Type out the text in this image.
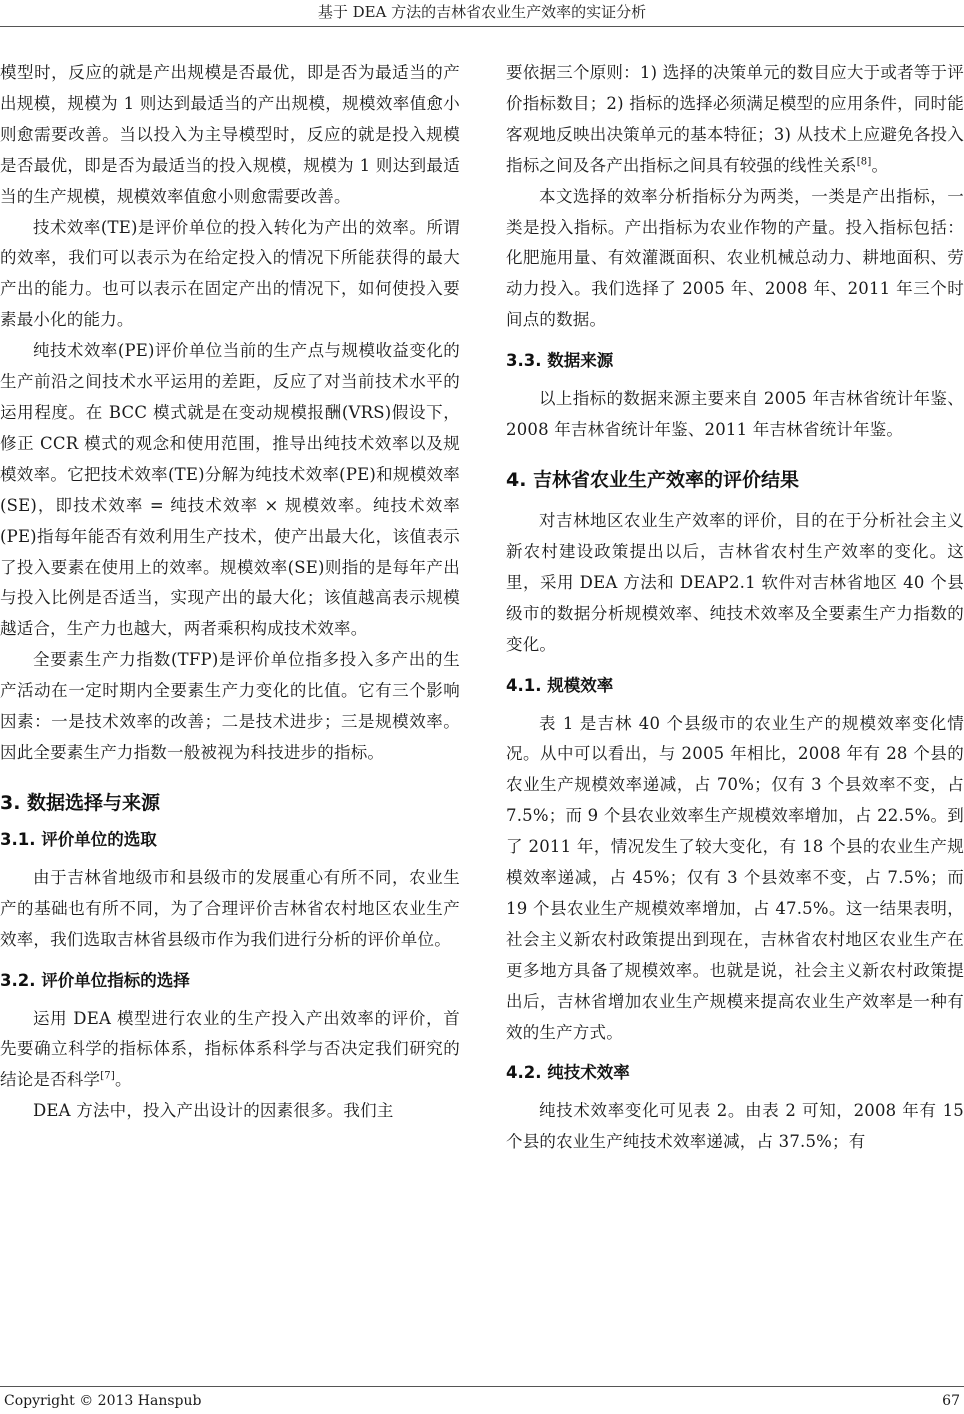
基于 DEA 方法的吉林省农业生产效率的实证分析

模型时，反应的就是产出规模是否最优，即是否为最适当的产出规模，规模为 1 则达到最适当的产出规模，规模效率值愈小则愈需要改善。当以投入为主导模型时，反应的就是投入规模是否最优，即是否为最适当的投入规模，规模为 1 则达到最适当的生产规模，规模效率值愈小则愈需要改善。

技术效率(TE)是评价单位的投入转化为产出的效率。所谓的效率，我们可以表示为在给定投入的情况下所能获得的最大产出的能力。也可以表示在固定产出的情况下，如何使投入要素最小化的能力。

纯技术效率(PE)评价单位当前的生产点与规模收益变化的生产前沿之间技术水平运用的差距，反应了对当前技术水平的运用程度。在 BCC 模式就是在变动规模报酬(VRS)假设下，修正 CCR 模式的观念和使用范围，推导出纯技术效率以及规模效率。它把技术效率(TE)分解为纯技术效率(PE)和规模效率(SE)，即技术效率 = 纯技术效率 × 规模效率。纯技术效率(PE)指每年能否有效利用生产技术，使产出最大化，该值表示了投入要素在使用上的效率。规模效率(SE)则指的是每年产出与投入比例是否适当，实现产出的最大化；该值越高表示规模越适合，生产力也越大，两者乘积构成技术效率。

全要素生产力指数(TFP)是评价单位指多投入多产出的生产活动在一定时期内全要素生产力变化的比值。它有三个影响因素：一是技术效率的改善；二是技术进步；三是规模效率。因此全要素生产力指数一般被视为科技进步的指标。

3. 数据选择与来源
3.1. 评价单位的选取

由于吉林省地级市和县级市的发展重心有所不同，农业生产的基础也有所不同，为了合理评价吉林省农村地区农业生产效率，我们选取吉林省县级市作为我们进行分析的评价单位。

3.2. 评价单位指标的选择

运用 DEA 模型进行农业的生产投入产出效率的评价，首先要确立科学的指标体系，指标体系科学与否决定我们研究的结论是否科学[7]。

DEA 方法中，投入产出设计的因素很多。我们主

要依据三个原则：1) 选择的决策单元的数目应大于或者等于评价指标数目；2) 指标的选择必须满足模型的应用条件，同时能客观地反映出决策单元的基本特征；3) 从技术上应避免各投入指标之间及各产出指标之间具有较强的线性关系[8]。

本文选择的效率分析指标分为两类，一类是产出指标，一类是投入指标。产出指标为农业作物的产量。投入指标包括：化肥施用量、有效灌溉面积、农业机械总动力、耕地面积、劳动力投入。我们选择了 2005 年、2008 年、2011 年三个时间点的数据。

3.3. 数据来源

以上指标的数据来源主要来自 2005 年吉林省统计年鉴、2008 年吉林省统计年鉴、2011 年吉林省统计年鉴。

4. 吉林省农业生产效率的评价结果

对吉林地区农业生产效率的评价，目的在于分析社会主义新农村建设政策提出以后，吉林省农村生产效率的变化。这里，采用 DEA 方法和 DEAP2.1 软件对吉林省地区 40 个县级市的数据分析规模效率、纯技术效率及全要素生产力指数的变化。

4.1. 规模效率

表 1 是吉林 40 个县级市的农业生产的规模效率变化情况。从中可以看出，与 2005 年相比，2008 年有 28 个县的农业生产规模效率递减，占 70%；仅有 3 个县效率不变，占 7.5%；而 9 个县农业效率生产规模效率增加，占 22.5%。到了 2011 年，情况发生了较大变化，有 18 个县的农业生产规模效率递减，占 45%；仅有 3 个县效率不变，占 7.5%；而 19 个县农业生产规模效率增加，占 47.5%。这一结果表明，社会主义新农村政策提出到现在，吉林省农村地区农业生产在更多地方具备了规模效率。也就是说，社会主义新农村政策提出后，吉林省增加农业生产规模来提高农业生产效率是一种有效的生产方式。

4.2. 纯技术效率

纯技术效率变化可见表 2。由表 2 可知，2008 年有 15 个县的农业生产纯技术效率递减，占 37.5%；有

Copyright © 2013 Hanspub	67
